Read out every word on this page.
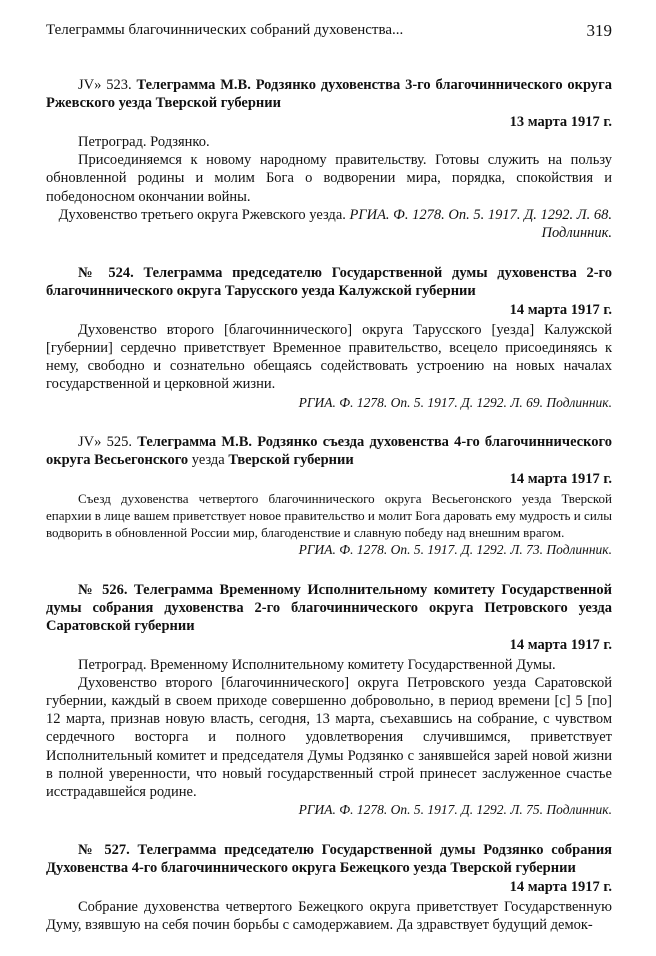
Телеграммы благочиннических собраний духовенства...	319
JV» 523. Телеграмма М.В. Родзянко духовенства 3-го благочиннического округа Ржевского уезда Тверской губернии
13 марта 1917 г.

Петроград. Родзянко.

Присоединяемся к новому народному правительству. Готовы служить на пользу обновленной родины и молим Бога о водворении мира, порядка, спокойствия и победоносном окончании войны.

Духовенство третьего округа Ржевского уезда. РГИА. Ф. 1278. Оп. 5. 1917. Д. 1292. Л. 68. Подлинник.
№ 524. Телеграмма председателю Государственной думы духовенства 2-го благочиннического округа Тарусского уезда Калужской губернии
14 марта 1917 г.

Духовенство второго [благочиннического] округа Тарусского [уезда] Калужской [губернии] сердечно приветствует Временное правительство, всецело присоединяясь к нему, свободно и сознательно обещаясь содействовать устроению на новых началах государственной и церковной жизни.

РГИА. Ф. 1278. Оп. 5. 1917. Д. 1292. Л. 69. Подлинник.
JV» 525. Телеграмма М.В. Родзянко съезда духовенства 4-го благочиннического округа Весьегонского уезда Тверской губернии
14 марта 1917 г.

Съезд духовенства четвертого благочиннического округа Весьегонского уезда Тверской епархии в лице вашем приветствует новое правительство и молит Бога даровать ему мудрость и силы водворить в обновленной России мир, благоденствие и славную победу над внешним врагом.

РГИА. Ф. 1278. Оп. 5. 1917. Д. 1292. Л. 73. Подлинник.
№ 526. Телеграмма Временному Исполнительному комитету Государственной думы собрания духовенства 2-го благочиннического округа Петровского уезда Саратовской губернии
14 марта 1917 г.

Петроград. Временному Исполнительному комитету Государственной Думы.

Духовенство второго [благочиннического] округа Петровского уезда Саратовской губернии, каждый в своем приходе совершенно добровольно, в период времени [с] 5 [по] 12 марта, признав новую власть, сегодня, 13 марта, съехавшись на собрание, с чувством сердечного восторга и полного удовлетворения случившимся, приветствует Исполнительный комитет и председателя Думы Родзянко с занявшейся зарей новой жизни в полной уверенности, что новый государственный строй принесет заслуженное счастье исстрадавшейся родине.

РГИА. Ф. 1278. Оп. 5. 1917. Д. 1292. Л. 75. Подлинник.
№ 527. Телеграмма председателю Государственной думы Родзянко собрания Духовенства 4-го благочиннического округа Бежецкого уезда Тверской губернии
14 марта 1917 г.

Собрание духовенства четвертого Бежецкого округа приветствует Государственную Думу, взявшую на себя почин борьбы с самодержавием. Да здравствует будущий демок-
